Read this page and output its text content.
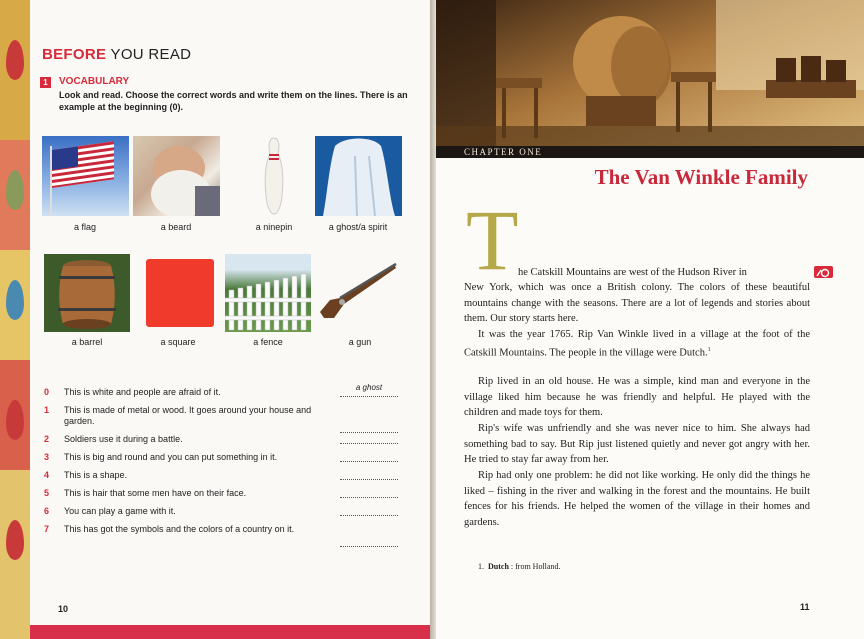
BEFORE YOU READ
1	VOCABULARY
Look and read. Choose the correct words and write them on the lines. There is an example at the beginning (0).
a flag	a beard	a ninepin	a ghost/a spirit
a barrel	a square	a fence	a gun
0	This is white and people are afraid of it.	a ghost
1	This is made of metal or wood. It goes around your house and garden.
2	Soldiers use it during a battle.
3	This is big and round and you can put something in it.
4	This is a shape.
5	This is hair that some men have on their face.
6	You can play a game with it.
7	This has got the symbols and the colors of a country on it.
10
CHAPTER ONE
The Van Winkle Family
T he Catskill Mountains are west of the Hudson River in
New York, which was once a British colony. The colors of these beautiful mountains change with the seasons. There are a lot of legends and stories about them. Our story starts here.
It was the year 1765. Rip Van Winkle lived in a village at the foot of the Catskill Mountains. The people in the village were Dutch.$^1$
Rip lived in an old house. He was a simple, kind man and everyone in the village liked him because he was friendly and helpful. He played with the children and made toys for them.
Rip's wife was unfriendly and she was never nice to him. She always had something bad to say. But Rip just listened quietly and never got angry with her. He tried to stay far away from her.
Rip had only one problem: he did not like working. He only did the things he liked – fishing in the river and walking in the forest and the mountains. He built fences for his friends. He helped the women of the village in their homes and gardens.
1. Dutch : from Holland.
11
